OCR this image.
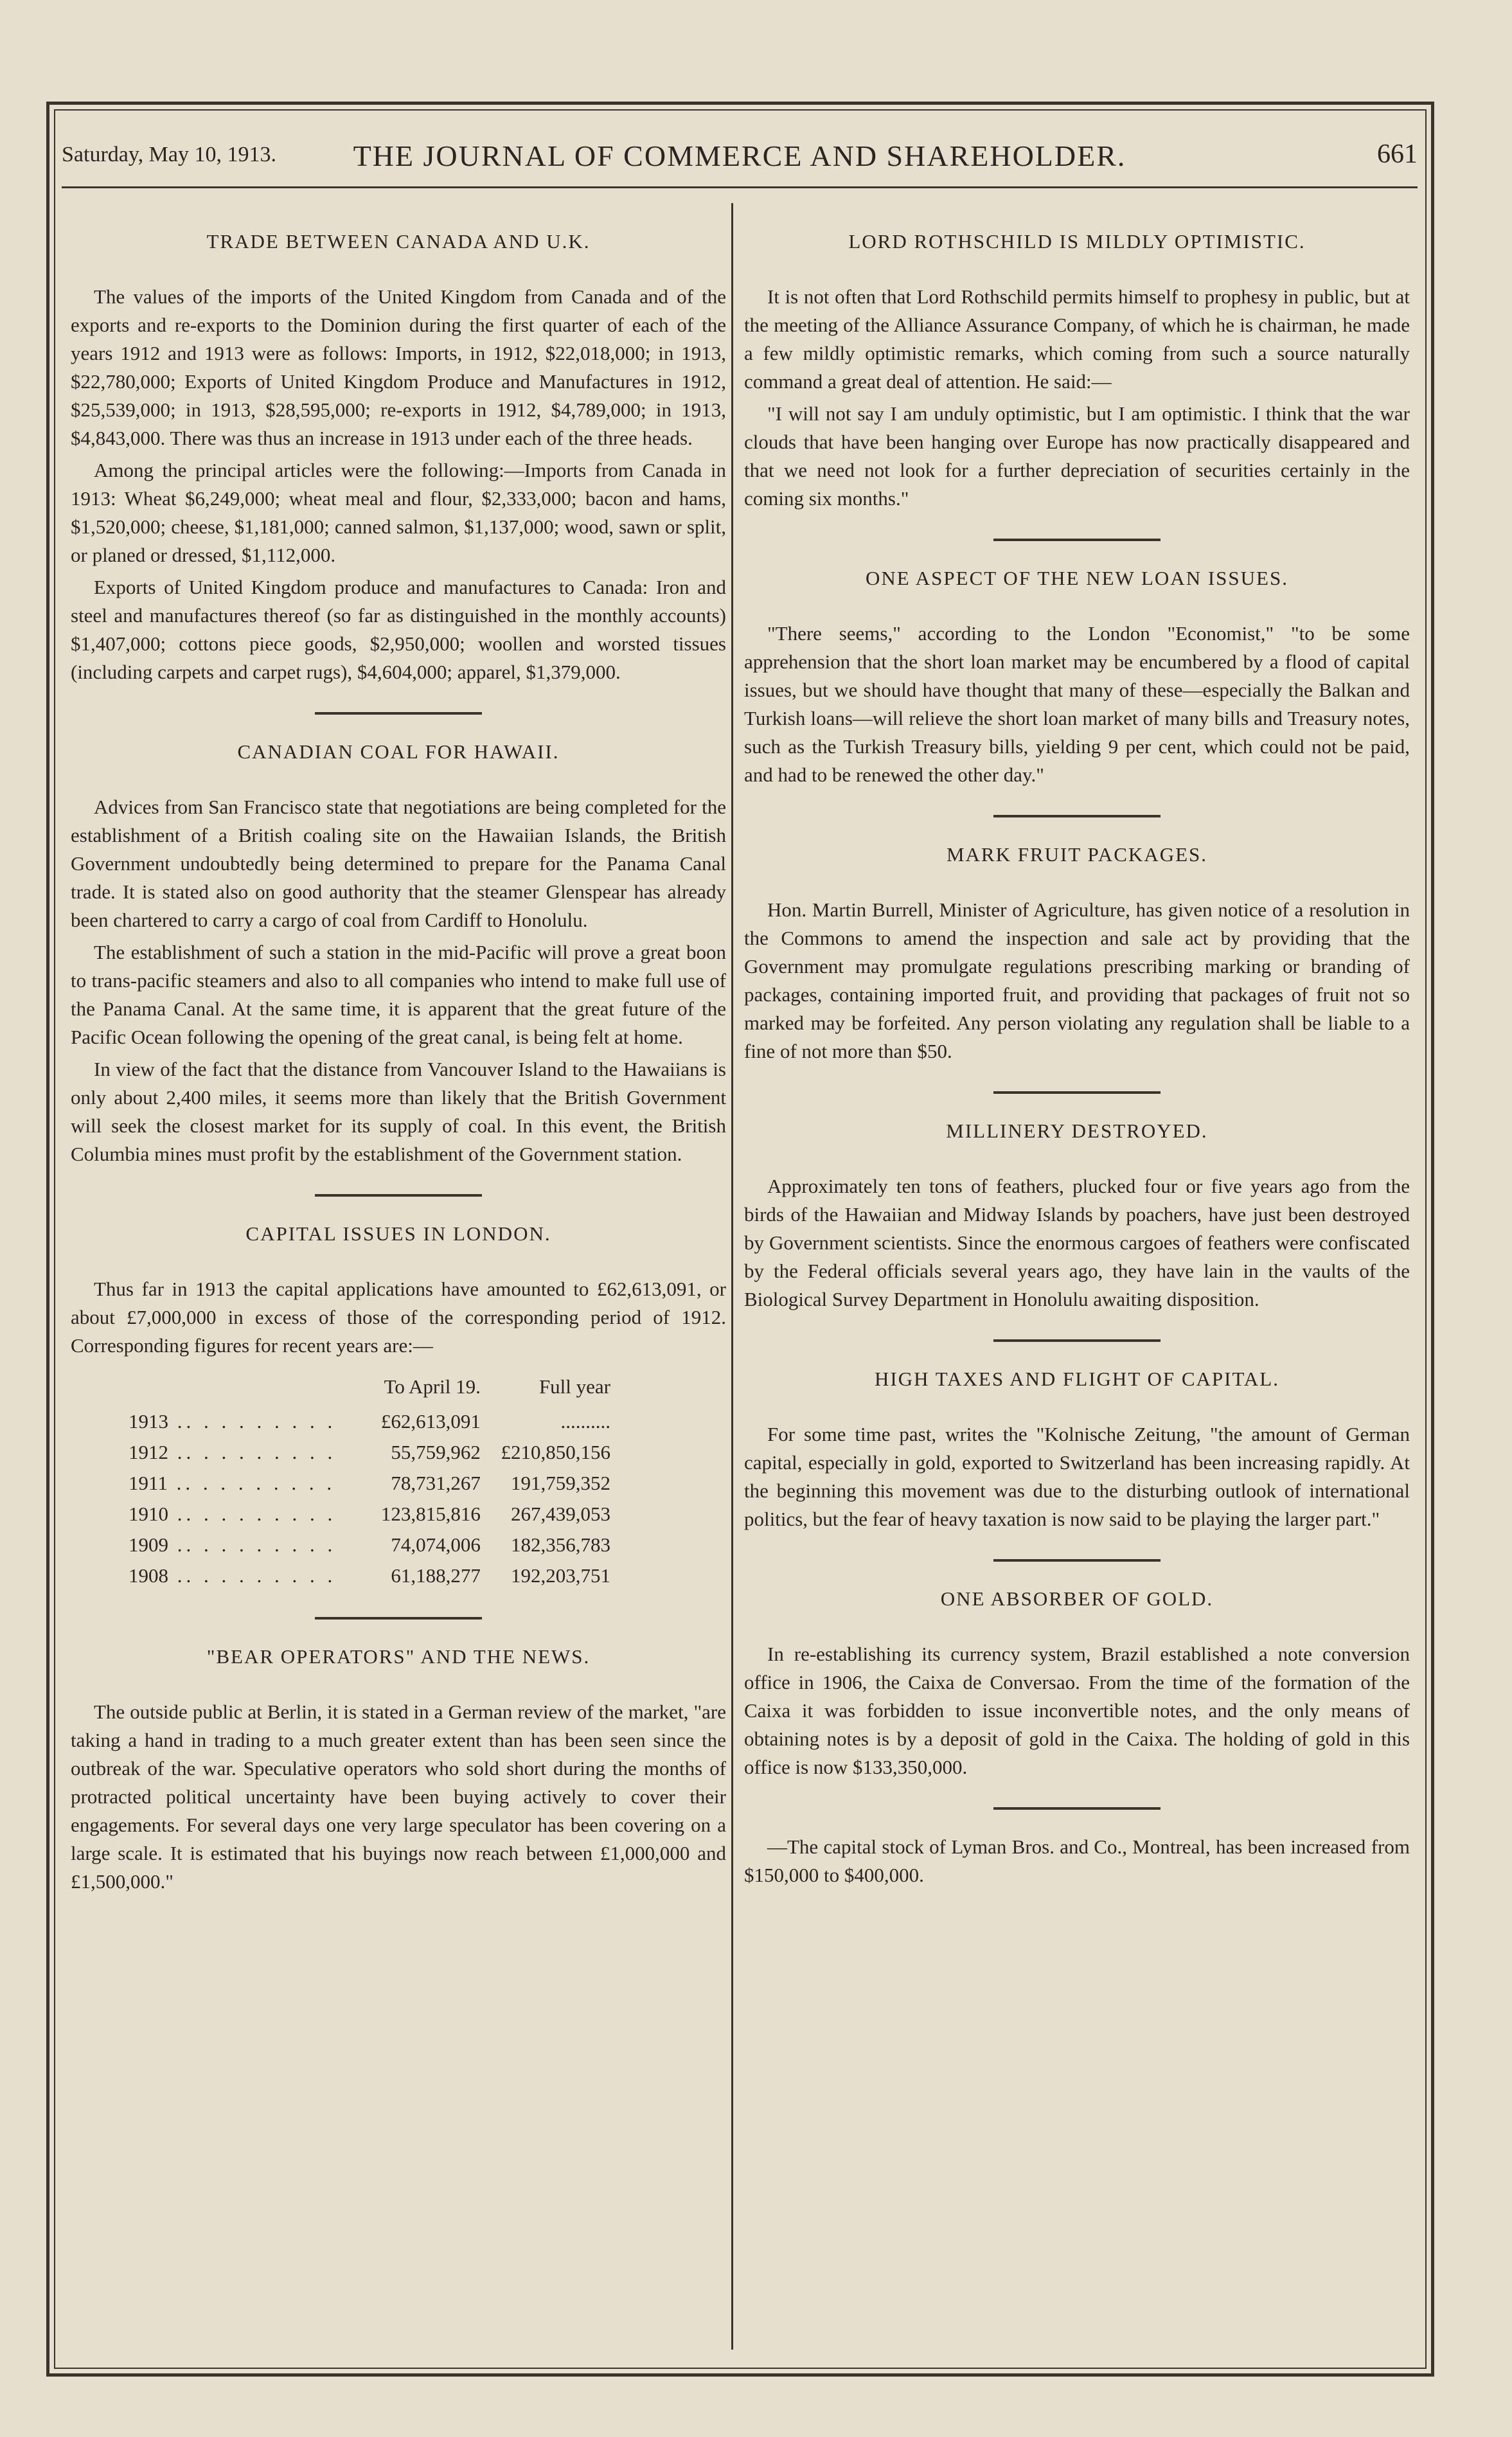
Saturday, May 10, 1913.	THE JOURNAL OF COMMERCE AND SHAREHOLDER.	661
TRADE BETWEEN CANADA AND U.K.

The values of the imports of the United Kingdom from Canada and of the exports and re-exports to the Dominion during the first quarter of each of the years 1912 and 1913 were as follows: Imports, in 1912, $22,018,000; in 1913, $22,780,000; Exports of United Kingdom Produce and Manufactures in 1912, $25,539,000; in 1913, $28,595,000; re-exports in 1912, $4,789,000; in 1913, $4,843,000. There was thus an increase in 1913 under each of the three heads.

Among the principal articles were the following:—Imports from Canada in 1913: Wheat $6,249,000; wheat meal and flour, $2,333,000; bacon and hams, $1,520,000; cheese, $1,181,000; canned salmon, $1,137,000; wood, sawn or split, or planed or dressed, $1,112,000.

Exports of United Kingdom produce and manufactures to Canada: Iron and steel and manufactures thereof (so far as distinguished in the monthly accounts) $1,407,000; cottons piece goods, $2,950,000; woollen and worsted tissues (including carpets and carpet rugs), $4,604,000; apparel, $1,379,000.

CANADIAN COAL FOR HAWAII.

Advices from San Francisco state that negotiations are being completed for the establishment of a British coaling site on the Hawaiian Islands, the British Government undoubtedly being determined to prepare for the Panama Canal trade. It is stated also on good authority that the steamer Glenspear has already been chartered to carry a cargo of coal from Cardiff to Honolulu.

The establishment of such a station in the mid-Pacific will prove a great boon to trans-pacific steamers and also to all companies who intend to make full use of the Panama Canal. At the same time, it is apparent that the great future of the Pacific Ocean following the opening of the great canal, is being felt at home.

In view of the fact that the distance from Vancouver Island to the Hawaiians is only about 2,400 miles, it seems more than likely that the British Government will seek the closest market for its supply of coal. In this event, the British Columbia mines must profit by the establishment of the Government station.

CAPITAL ISSUES IN LONDON.

Thus far in 1913 the capital applications have amounted to £62,613,091, or about £7,000,000 in excess of those of the corresponding period of 1912. Corresponding figures for recent years are:—

	To April 19.	Full year
1913 .. . . . . . . . .	£62,613,091	..........
1912 .. . . . . . . . .	55,759,962	£210,850,156
1911 .. . . . . . . . .	78,731,267	191,759,352
1910 .. . . . . . . . .	123,815,816	267,439,053
1909 .. . . . . . . . .	74,074,006	182,356,783
1908 .. . . . . . . . .	61,188,277	192,203,751
"BEAR OPERATORS" AND THE NEWS.

The outside public at Berlin, it is stated in a German review of the market, "are taking a hand in trading to a much greater extent than has been seen since the outbreak of the war. Speculative operators who sold short during the months of protracted political uncertainty have been buying actively to cover their engagements. For several days one very large speculator has been covering on a large scale. It is estimated that his buyings now reach between £1,000,000 and £1,500,000."

LORD ROTHSCHILD IS MILDLY OPTIMISTIC.

It is not often that Lord Rothschild permits himself to prophesy in public, but at the meeting of the Alliance Assurance Company, of which he is chairman, he made a few mildly optimistic remarks, which coming from such a source naturally command a great deal of attention. He said:—

"I will not say I am unduly optimistic, but I am optimistic. I think that the war clouds that have been hanging over Europe has now practically disappeared and that we need not look for a further depreciation of securities certainly in the coming six months."

ONE ASPECT OF THE NEW LOAN ISSUES.

"There seems," according to the London "Economist," "to be some apprehension that the short loan market may be encumbered by a flood of capital issues, but we should have thought that many of these—especially the Balkan and Turkish loans—will relieve the short loan market of many bills and Treasury notes, such as the Turkish Treasury bills, yielding 9 per cent, which could not be paid, and had to be renewed the other day."

MARK FRUIT PACKAGES.

Hon. Martin Burrell, Minister of Agriculture, has given notice of a resolution in the Commons to amend the inspection and sale act by providing that the Government may promulgate regulations prescribing marking or branding of packages, containing imported fruit, and providing that packages of fruit not so marked may be forfeited. Any person violating any regulation shall be liable to a fine of not more than $50.

MILLINERY DESTROYED.

Approximately ten tons of feathers, plucked four or five years ago from the birds of the Hawaiian and Midway Islands by poachers, have just been destroyed by Government scientists. Since the enormous cargoes of feathers were confiscated by the Federal officials several years ago, they have lain in the vaults of the Biological Survey Department in Honolulu awaiting disposition.

HIGH TAXES AND FLIGHT OF CAPITAL.

For some time past, writes the "Kolnische Zeitung, "the amount of German capital, especially in gold, exported to Switzerland has been increasing rapidly. At the beginning this movement was due to the disturbing outlook of international politics, but the fear of heavy taxation is now said to be playing the larger part."

ONE ABSORBER OF GOLD.

In re-establishing its currency system, Brazil established a note conversion office in 1906, the Caixa de Conversao. From the time of the formation of the Caixa it was forbidden to issue inconvertible notes, and the only means of obtaining notes is by a deposit of gold in the Caixa. The holding of gold in this office is now $133,350,000.

—The capital stock of Lyman Bros. and Co., Montreal, has been increased from $150,000 to $400,000.
